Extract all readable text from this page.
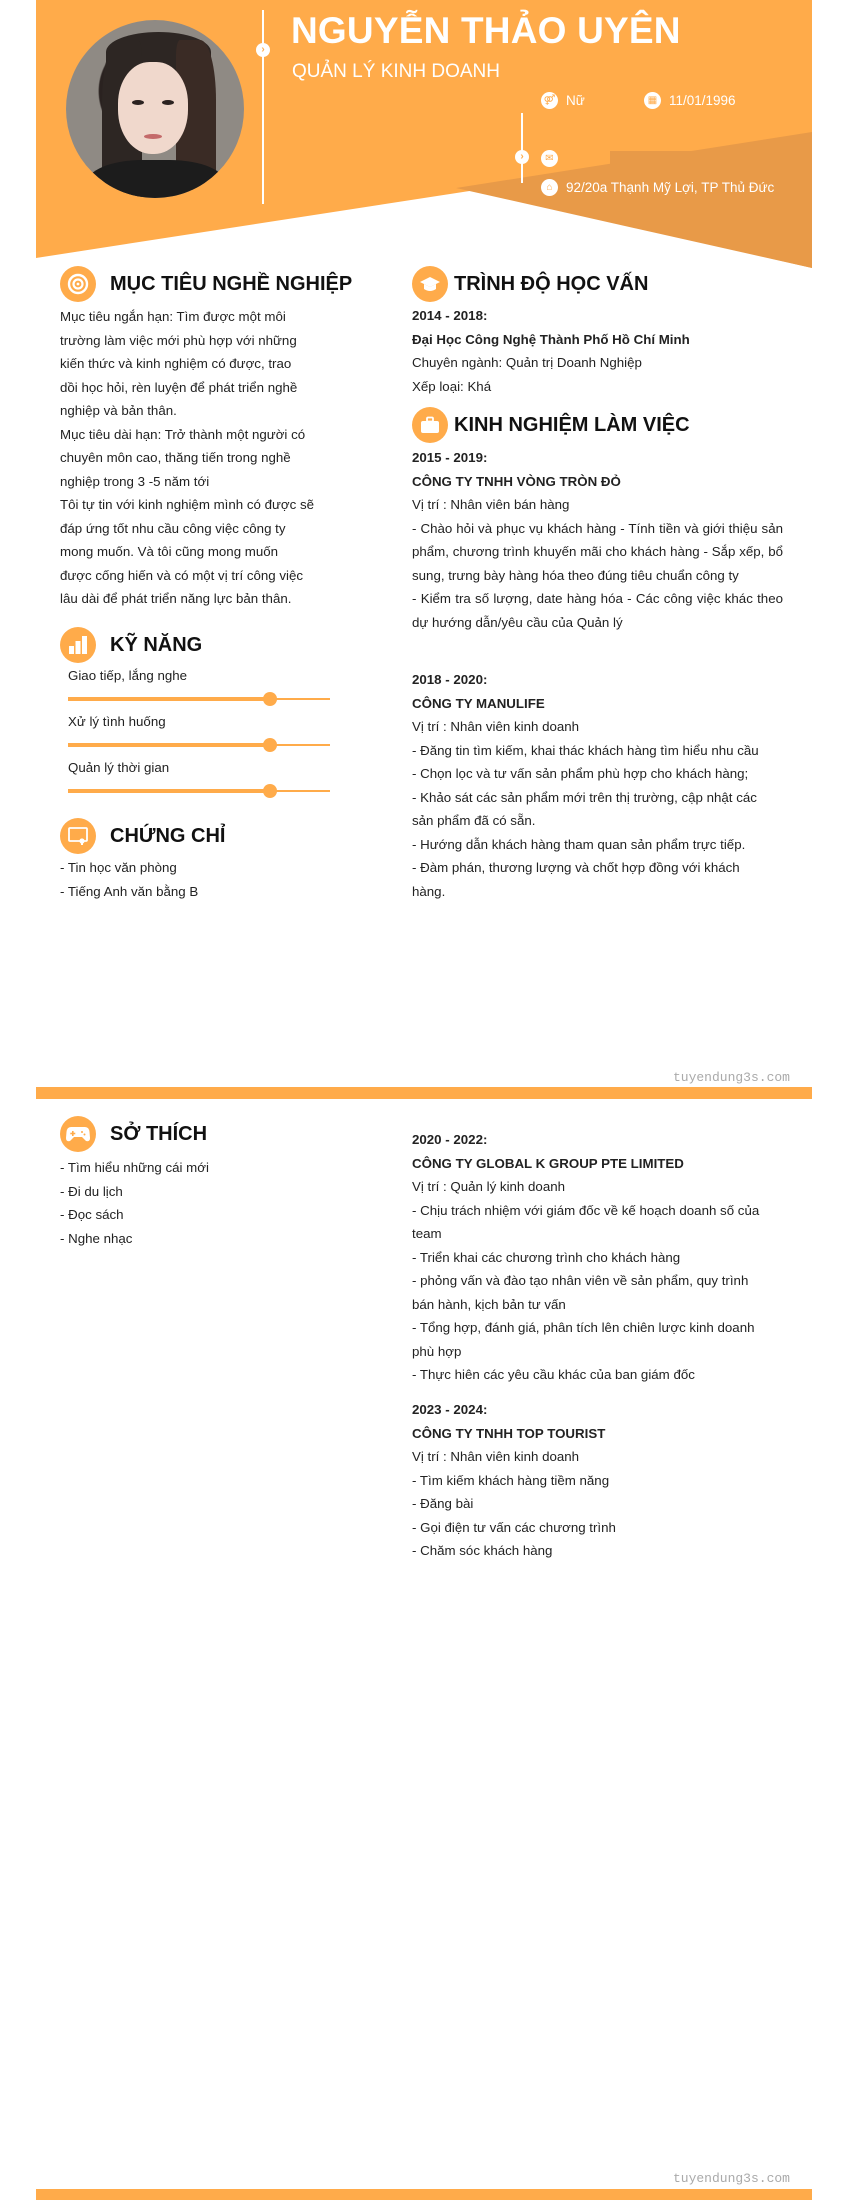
› NGUYỄN THẢO UYÊN
QUẢN LÝ KINH DOANH
⚤ Nữ	▦ 11/01/1996
›	✉
⌂ 92/20a Thạnh Mỹ Lợi, TP Thủ Đức
MỤC TIÊU NGHỀ NGHIỆP

Mục tiêu ngắn hạn: Tìm được một môi

trường làm việc mới phù hợp với những

kiến thức và kinh nghiệm có được, trao

dồi học hỏi, rèn luyện để phát triển nghề

nghiệp và bản thân.

Mục tiêu dài hạn: Trở thành một người có

chuyên môn cao, thăng tiến trong nghề

nghiệp trong 3 -5 năm tới

Tôi tự tin với kinh nghiệm mình có được sẽ

đáp ứng tốt nhu cầu công việc công ty

mong muốn. Và tôi cũng mong muốn

được cống hiến và có một vị trí công việc

lâu dài để phát triển năng lực bản thân.

KỸ NĂNG
Giao tiếp, lắng nghe
Xử lý tình huống
Quản lý thời gian
CHỨNG CHỈ
- Tin học văn phòng
- Tiếng Anh văn bằng B
TRÌNH ĐỘ HỌC VẤN

2014 - 2018:

Đại Học Công Nghệ Thành Phố Hồ Chí Minh

Chuyên ngành: Quản trị Doanh Nghiệp

Xếp loại: Khá

KINH NGHIỆM LÀM VIỆC

2015 - 2019:

CÔNG TY TNHH VÒNG TRÒN ĐỎ

Vị trí : Nhân viên bán hàng

- Chào hỏi và phục vụ khách hàng - Tính tiền và giới thiệu sản phẩm, chương trình khuyến mãi cho khách hàng - Sắp xếp, bổ sung, trưng bày hàng hóa theo đúng tiêu chuẩn công ty

- Kiểm tra số lượng, date hàng hóa - Các công việc khác theo dự hướng dẫn/yêu cầu của Quản lý

2018 - 2020:

CÔNG TY MANULIFE

Vị trí : Nhân viên kinh doanh

- Đăng tin tìm kiếm, khai thác khách hàng tìm hiểu nhu cầu

- Chọn lọc và tư vấn sản phẩm phù hợp cho khách hàng;

- Khảo sát các sản phẩm mới trên thị trường, cập nhật các sản phẩm đã có sẵn.

- Hướng dẫn khách hàng tham quan sản phẩm trực tiếp.

- Đàm phán, thương lượng và chốt hợp đồng với khách hàng.

tuyendung3s.com
SỞ THÍCH
- Tìm hiểu những cái mới
- Đi du lịch
- Đọc sách
- Nghe nhạc

2020 - 2022:

CÔNG TY GLOBAL K GROUP PTE LIMITED

Vị trí : Quản lý kinh doanh

- Chịu trách nhiệm với giám đốc về kế hoạch doanh số của team

- Triển khai các chương trình cho khách hàng

- phỏng vấn và đào tạo nhân viên về sản phẩm, quy trình bán hành, kịch bản tư vấn

- Tổng hợp, đánh giá, phân tích lên chiên lược kinh doanh phù hợp

- Thực hiên các yêu cầu khác của ban giám đốc

2023 - 2024:

CÔNG TY TNHH TOP TOURIST

Vị trí : Nhân viên kinh doanh

- Tìm kiếm khách hàng tiềm năng

- Đăng bài

- Gọi điện tư vấn các chương trình

- Chăm sóc khách hàng

tuyendung3s.com
